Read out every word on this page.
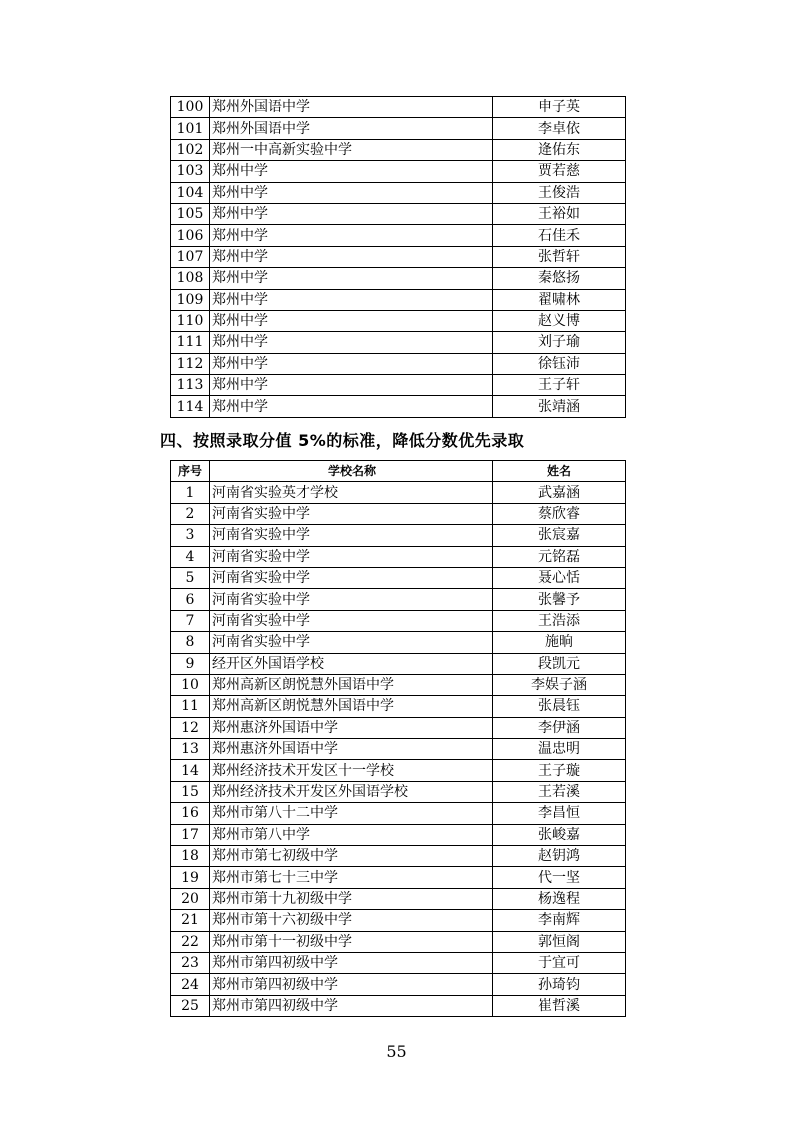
100	郑州外国语中学	申子英
101	郑州外国语中学	李卓依
102	郑州一中高新实验中学	逄佑东
103	郑州中学	贾若慈
104	郑州中学	王俊浩
105	郑州中学	王裕如
106	郑州中学	石佳禾
107	郑州中学	张哲轩
108	郑州中学	秦悠扬
109	郑州中学	翟啸林
110	郑州中学	赵义博
111	郑州中学	刘子瑜
112	郑州中学	徐钰沛
113	郑州中学	王子轩
114	郑州中学	张靖涵
四、按照录取分值 5%的标准，降低分数优先录取
序号	学校名称	姓名
1	河南省实验英才学校	武嘉涵
2	河南省实验中学	蔡欣睿
3	河南省实验中学	张宸嘉
4	河南省实验中学	元铭磊
5	河南省实验中学	聂心恬
6	河南省实验中学	张馨予
7	河南省实验中学	王浩添
8	河南省实验中学	施晌
9	经开区外国语学校	段凯元
10	郑州高新区朗悦慧外国语中学	李娱子涵
11	郑州高新区朗悦慧外国语中学	张晨钰
12	郑州惠济外国语中学	李伊涵
13	郑州惠济外国语中学	温忠明
14	郑州经济技术开发区十一学校	王子璇
15	郑州经济技术开发区外国语学校	王若溪
16	郑州市第八十二中学	李昌恒
17	郑州市第八中学	张峻嘉
18	郑州市第七初级中学	赵钥鸿
19	郑州市第七十三中学	代一坚
20	郑州市第十九初级中学	杨逸程
21	郑州市第十六初级中学	李南辉
22	郑州市第十一初级中学	郭恒阁
23	郑州市第四初级中学	于宜可
24	郑州市第四初级中学	孙琦钧
25	郑州市第四初级中学	崔哲溪
55
